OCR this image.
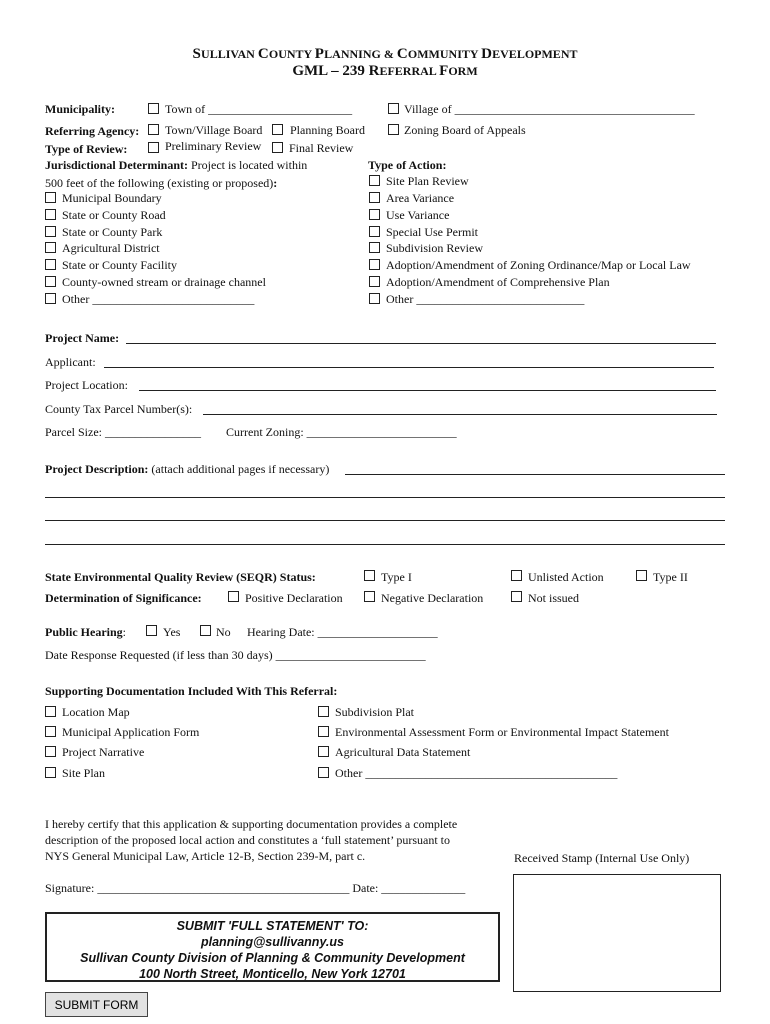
SULLIVAN COUNTY PLANNING & COMMUNITY DEVELOPMENT
GML – 239 REFERRAL FORM
Municipality:	Town of ________________________	Village of ________________________________________
Referring Agency: Town/Village Board Planning Board	Zoning Board of Appeals
Type of Review:	Preliminary Review Final Review
Jurisdictional Determinant: Project is located within
500 feet of the following (existing or proposed):
Municipal Boundary
State or County Road
State or County Park
Agricultural District
State or County Facility
County-owned stream or drainage channel
Other ___________________________
Type of Action:
Site Plan Review
Area Variance
Use Variance
Special Use Permit
Subdivision Review
Adoption/Amendment of Zoning Ordinance/Map or Local Law
Adoption/Amendment of Comprehensive Plan
Other ____________________________
Project Name:
Applicant:
Project Location:
County Tax Parcel Number(s):
Parcel Size: ________________ Current Zoning: _________________________
Project Description: (attach additional pages if necessary)
State Environmental Quality Review (SEQR) Status:	Type I	Unlisted Action	Type II
Determination of Significance:	Positive Declaration	Negative Declaration	Not issued
Public Hearing:	Yes	No Hearing Date: ____________________
Date Response Requested (if less than 30 days) _________________________
Supporting Documentation Included With This Referral:
Location Map
Municipal Application Form
Project Narrative
Site Plan
Subdivision Plat
Environmental Assessment Form or Environmental Impact Statement
Agricultural Data Statement
Other __________________________________________
I hereby certify that this application & supporting documentation provides a complete
description of the proposed local action and constitutes a ‘full statement’ pursuant to
NYS General Municipal Law, Article 12-B, Section 239-M, part c.	Received Stamp (Internal Use Only)
Signature: __________________________________________ Date: ______________
SUBMIT 'FULL STATEMENT' TO:
planning@sullivanny.us
Sullivan County Division of Planning & Community Development
100 North Street, Monticello, New York 12701
SUBMIT FORM
